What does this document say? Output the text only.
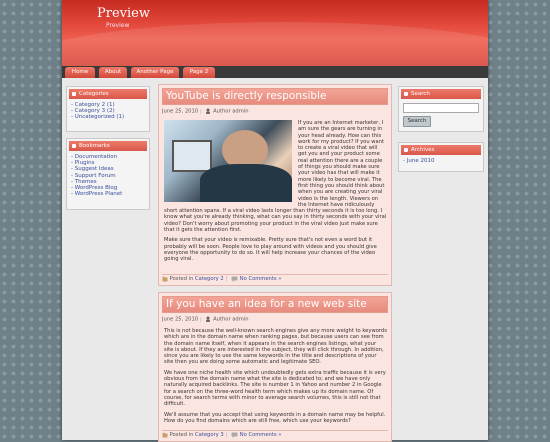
Preview
Preview
Home	About	Another Page	Page 2
Categories
- Category 2 (1)
- Category 3 (2)
- Uncategorized (1)
Bookmarks
- Documentation
- Plugins
- Suggest Ideas
- Support Forum
- Themes
- WordPress Blog
- WordPress Planet
Search
Search
Archives
- June 2010
YouTube is directly responsible
June 25, 2010 | Author admin
If you are an Internet marketer, I am sure the gears are turning in your head already. How can this work for my product? If you want to create a viral video that will get you and your product some real attention there are a couple of things you should make sure your video has that will make it more likely to become viral. The first thing you should think about when you are creating your viral video is the length. Viewers on the Internet have ridiculously short attention spans. If a viral video lasts longer than thirty seconds it is too long. I know what you're already thinking, what can you say in thirty seconds with your viral video? Don't worry about promoting your product in the viral video just make sure that it gets the attention first.
Make sure that your video is remixable. Pretty sure that's not even a word but it probably will be soon. People love to play around with videos and you should give everyone the opportunity to do so. It will help increase your chances of the video going viral.
Posted in Category 2 | No Comments »
If you have an idea for a new web site
June 25, 2010 | Author admin
This is not because the well-known search engines give any more weight to keywords which are in the domain name when ranking pages, but because users can see from the domain name itself, when it appears in the search engines listings, what your site is about. If they are interested in the subject, they will click through. In addition, since you are likely to use the same keywords in the title and descriptions of your site then you are doing some automatic and legitimate SEO.
We have one niche health site which undoubtedly gets extra traffic because it is very obvious from the domain name what the site is dedicated to; and we have only naturally acquired backlinks. The site is number 1 in Yahoo and number 2 in Google for a search on the three-word health term which makes up its domain name. Of course, for search terms with minor to average search volumes, this is still not that difficult.
We'll assume that you accept that using keywords in a domain name may be helpful. How do you find domains which are still free, which use your keywords?
Posted in Category 3 | No Comments »
